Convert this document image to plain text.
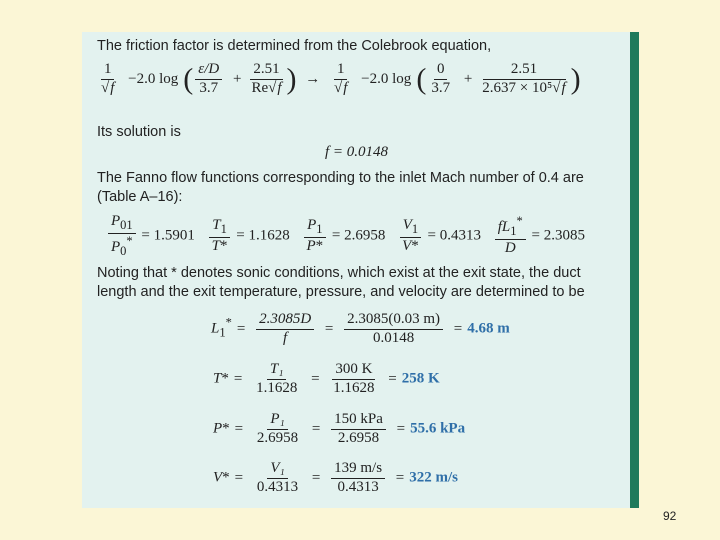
The friction factor is determined from the Colebrook equation,
$\frac{1}{√f} -2.0$ log ( $\frac{\varepsilon/D}{3.7} + \frac{2.51}{Re√f}$ ) → $\frac{1}{√f} -2.0$ log ( $\frac{0}{3.7} + \frac{2.51}{\text{2.637 × 10⁵√f}}$ )
Its solution is
f = 0.0148
The Fanno flow functions corresponding to the inlet Mach number of 0.4 are
(Table A–16):
$\frac{P_{01}}{P_0^*} = 1.5901 \frac{T_1}{T*} = 1.1628 \frac{P_1}{P*} = 2.6958 \frac{V_1}{V*} = 0.4313 \frac{fL_1^*}{D} = 2.3085$
Noting that * denotes sonic conditions, which exist at the exit state, the duct
length and the exit temperature, pressure, and velocity are determined to be
$L_1^* = \frac{2.3085D}{f} = \frac{2.3085(0.03 m)}{0.0148} = 4.68$ m
$T* = \frac{\text{T₁}}{1.1628} = \frac{300 K}{1.1628} = 258$ K
$P* = \frac{\text{P₁}}{2.6958} = \frac{\text{150 kPa}}{2.6958} = 55.6$ kPa
$V* = \frac{\text{V₁}}{0.4313} = \frac{139 m/s}{0.4313} = 322$ m/s
92
